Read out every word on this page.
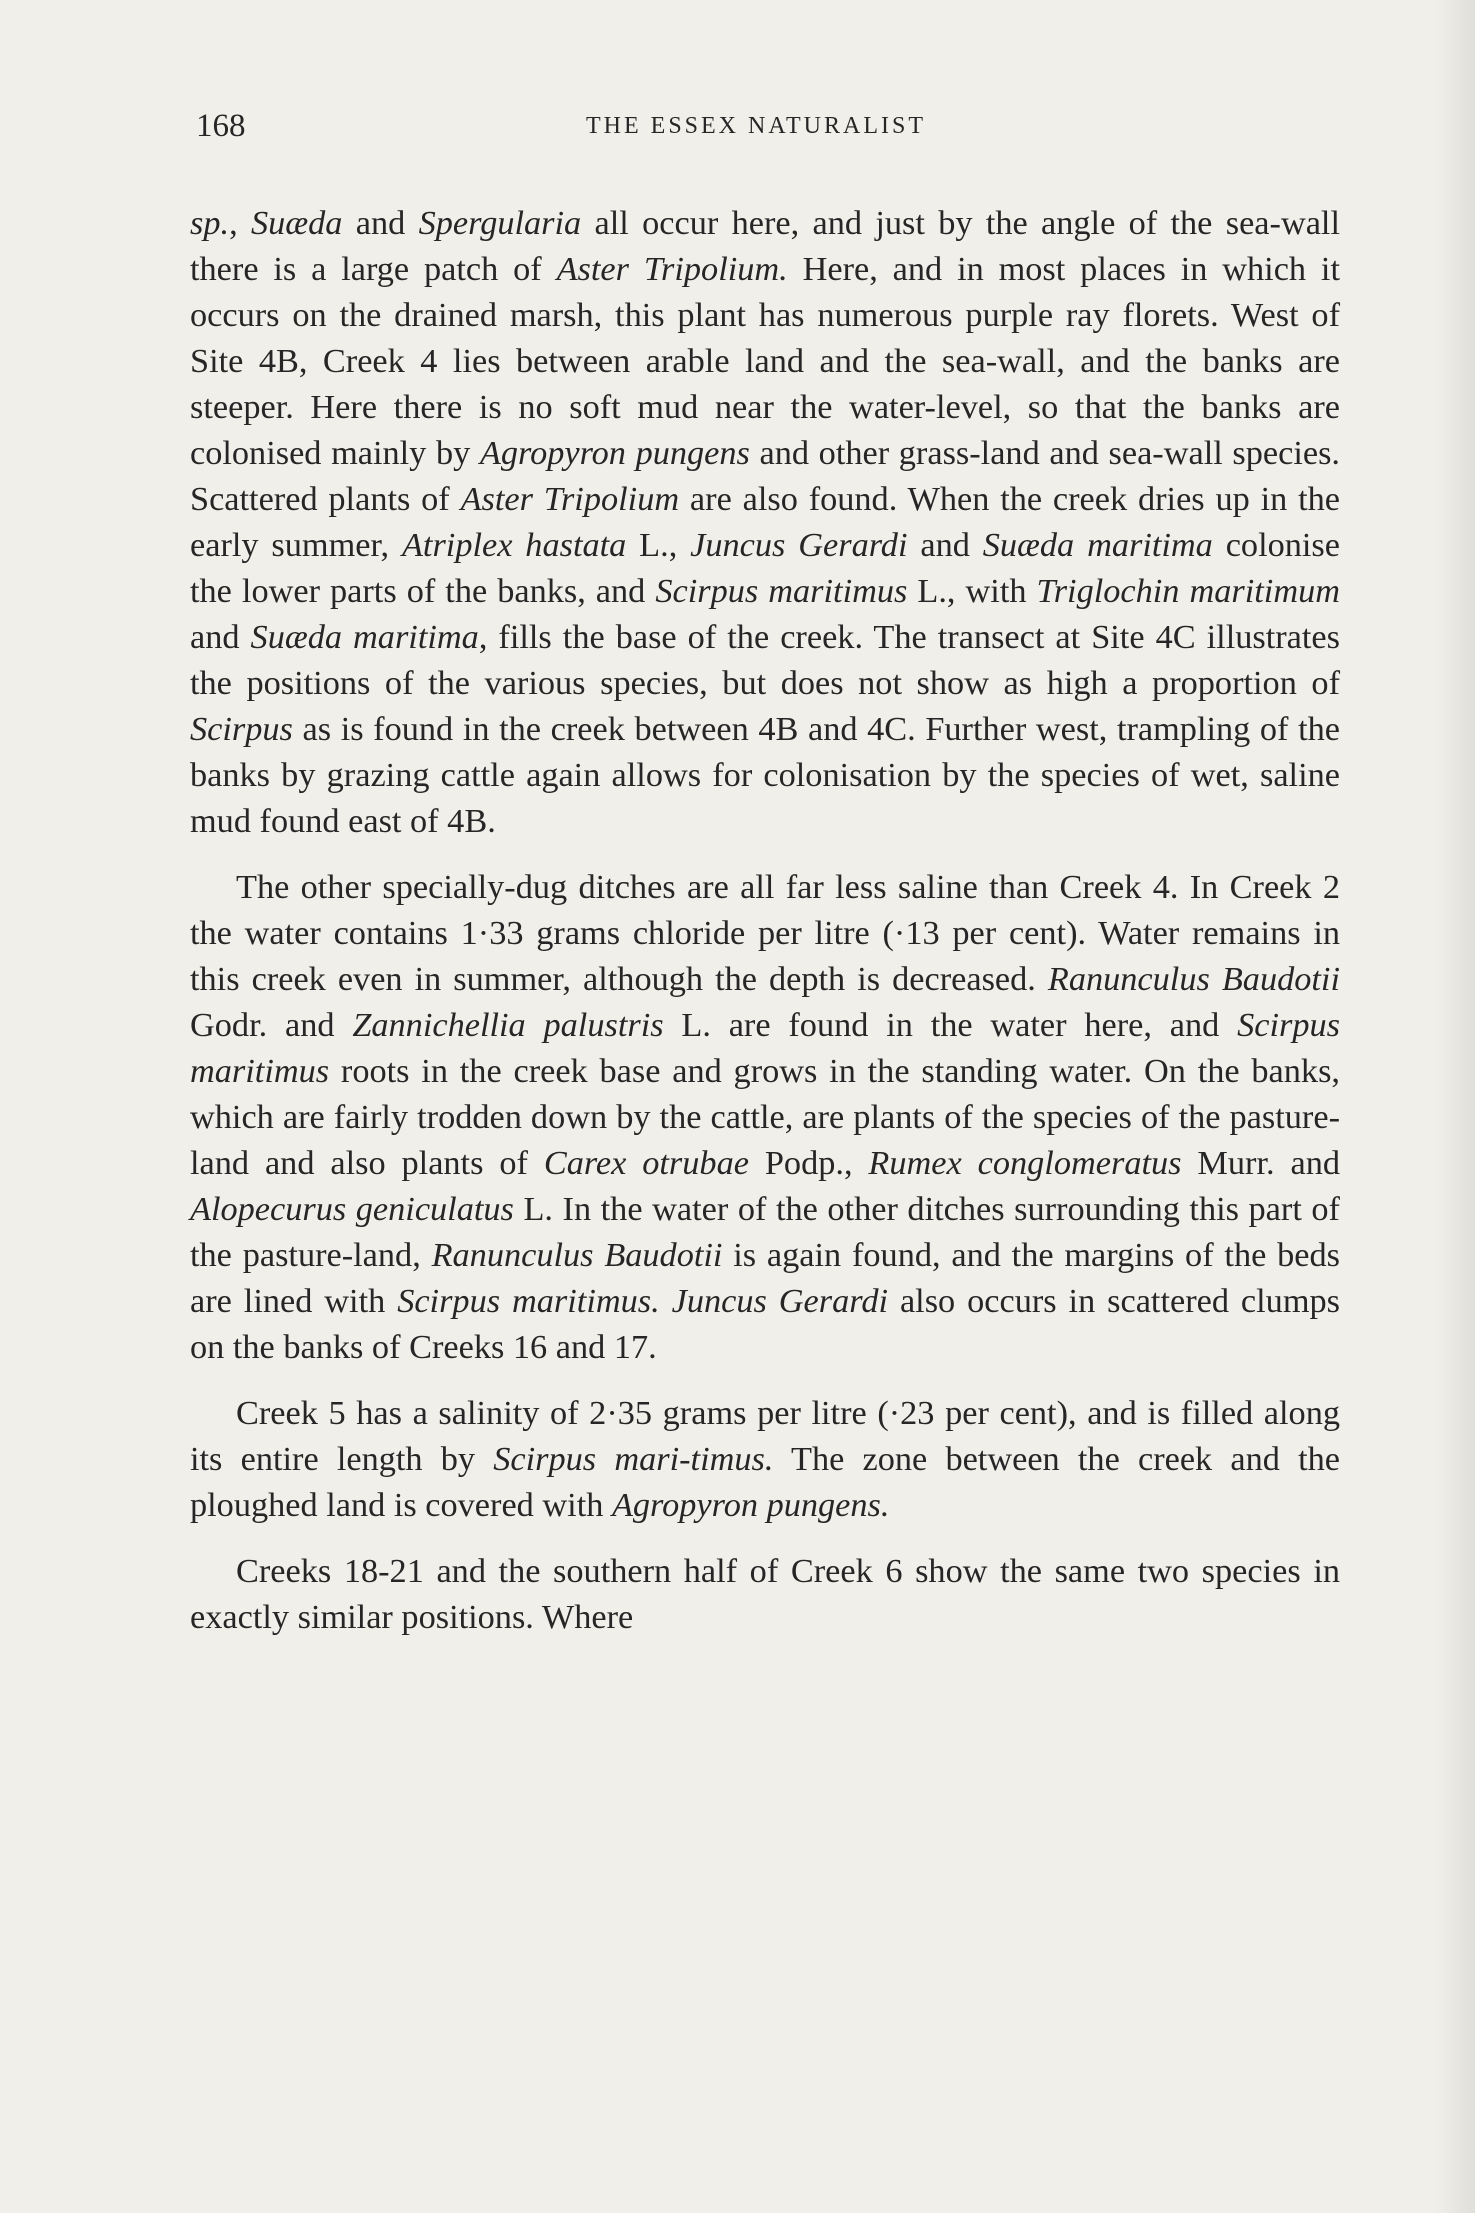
168	THE ESSEX NATURALIST

sp., Suæda and Spergularia all occur here, and just by the angle of the sea-wall there is a large patch of Aster Tripolium. Here, and in most places in which it occurs on the drained marsh, this plant has numerous purple ray florets. West of Site 4B, Creek 4 lies between arable land and the sea-wall, and the banks are steeper. Here there is no soft mud near the water-level, so that the banks are colonised mainly by Agropyron pungens and other grass-land and sea-wall species. Scattered plants of Aster Tripolium are also found. When the creek dries up in the early summer, Atriplex hastata L., Juncus Gerardi and Suæda maritima colonise the lower parts of the banks, and Scirpus maritimus L., with Triglochin maritimum and Suæda maritima, fills the base of the creek. The transect at Site 4C illustrates the positions of the various species, but does not show as high a proportion of Scirpus as is found in the creek between 4B and 4C. Further west, trampling of the banks by grazing cattle again allows for colonisation by the species of wet, saline mud found east of 4B.

The other specially-dug ditches are all far less saline than Creek 4. In Creek 2 the water contains 1·33 grams chloride per litre (·13 per cent). Water remains in this creek even in summer, although the depth is decreased. Ranunculus Baudotii Godr. and Zannichellia palustris L. are found in the water here, and Scirpus maritimus roots in the creek base and grows in the standing water. On the banks, which are fairly trodden down by the cattle, are plants of the species of the pasture-land and also plants of Carex otrubae Podp., Rumex conglomeratus Murr. and Alopecurus geniculatus L. In the water of the other ditches surrounding this part of the pasture-land, Ranunculus Baudotii is again found, and the margins of the beds are lined with Scirpus maritimus. Juncus Gerardi also occurs in scattered clumps on the banks of Creeks 16 and 17.

Creek 5 has a salinity of 2·35 grams per litre (·23 per cent), and is filled along its entire length by Scirpus mari-timus. The zone between the creek and the ploughed land is covered with Agropyron pungens.

Creeks 18-21 and the southern half of Creek 6 show the same two species in exactly similar positions. Where
